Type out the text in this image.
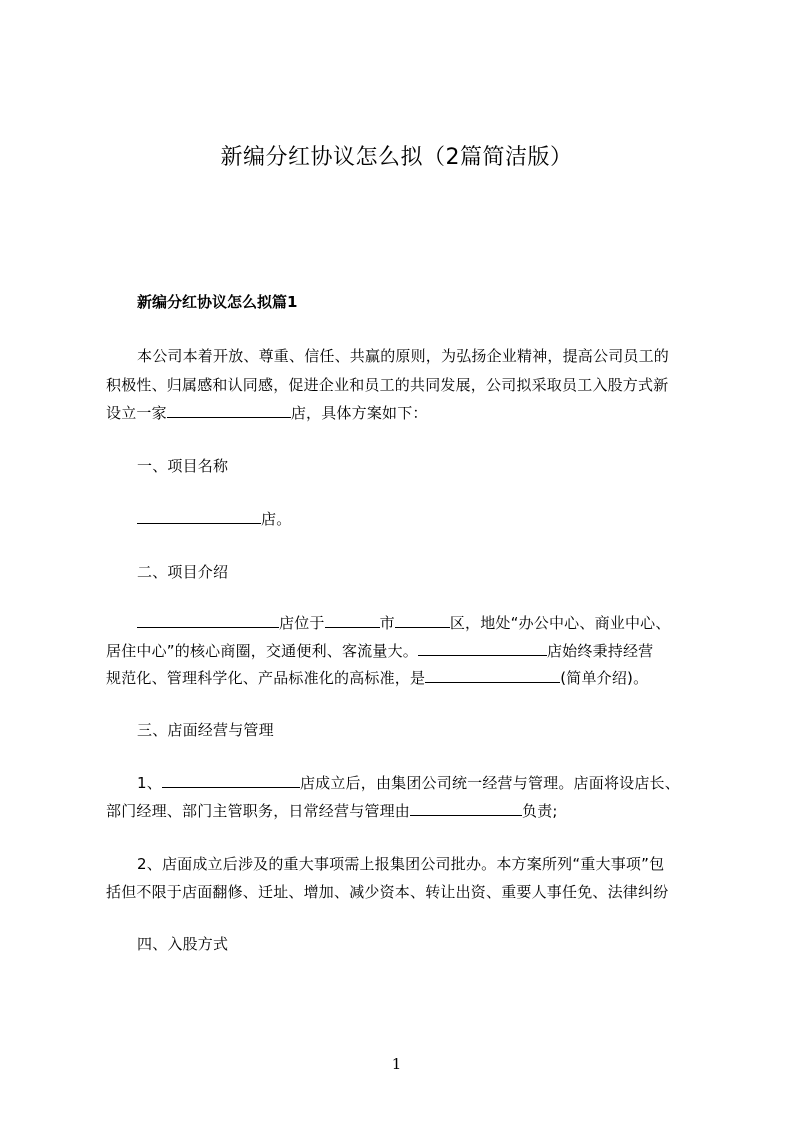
新编分红协议怎么拟（2篇简洁版）
新编分红协议怎么拟篇1
本公司本着开放、尊重、信任、共赢的原则，为弘扬企业精神，提高公司员工的
积极性、归属感和认同感，促进企业和员工的共同发展，公司拟采取员工入股方式新
设立一家	店，具体方案如下：
一、项目名称
店。
二、项目介绍
店位于	市	区，地处“办公中心、商业中心、
居住中心”的核心商圈，交通便利、客流量大。	店始终秉持经营
规范化、管理科学化、产品标准化的高标准，是	(简单介绍)。
三、店面经营与管理
1、	店成立后，由集团公司统一经营与管理。店面将设店长、
部门经理、部门主管职务，日常经营与管理由	负责;
2、店面成立后涉及的重大事项需上报集团公司批办。本方案所列“重大事项”包
括但不限于店面翻修、迁址、增加、减少资本、转让出资、重要人事任免、法律纠纷
四、入股方式
1
